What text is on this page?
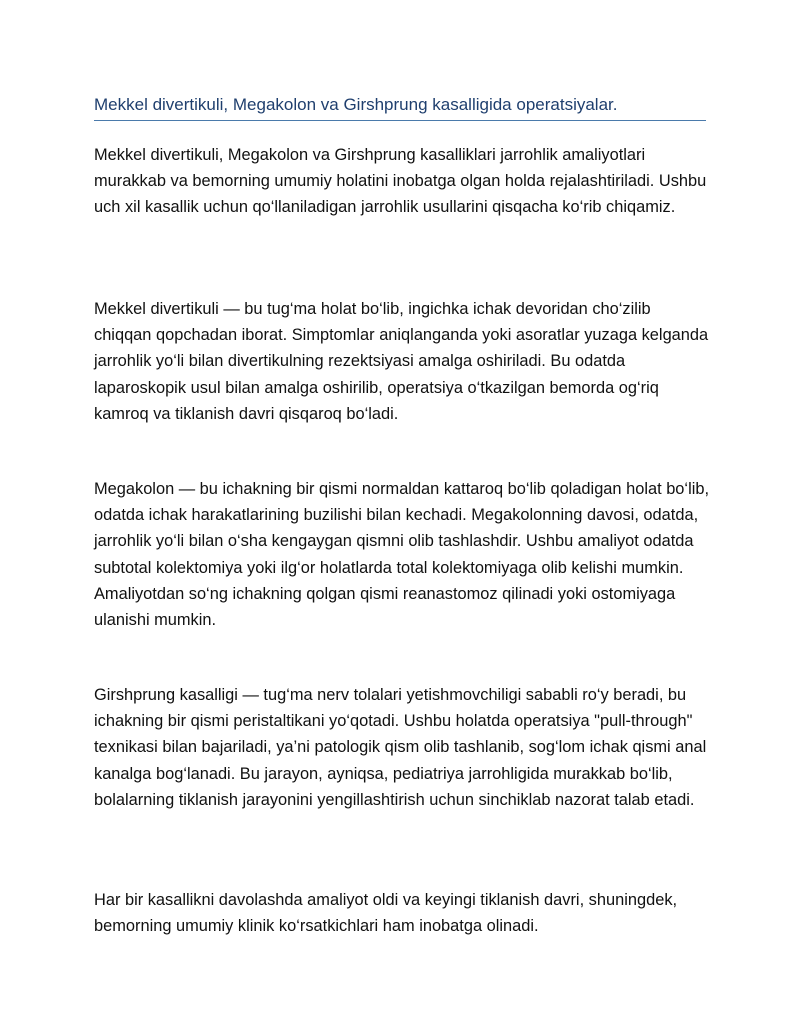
Mekkel divertikuli, Megakolon va Girshprung kasalligida operatsiyalar.

Mekkel divertikuli, Megakolon va Girshprung kasalliklari jarrohlik amaliyotlari murakkab va bemorning umumiy holatini inobatga olgan holda rejalashtiriladi. Ushbu uch xil kasallik uchun qo‘llaniladigan jarrohlik usullarini qisqacha ko‘rib chiqamiz.

Mekkel divertikuli — bu tug‘ma holat bo‘lib, ingichka ichak devoridan cho‘zilib chiqqan qopchadan iborat. Simptomlar aniqlanganda yoki asoratlar yuzaga kelganda jarrohlik yo‘li bilan divertikulning rezektsiyasi amalga oshiriladi. Bu odatda laparoskopik usul bilan amalga oshirilib, operatsiya o‘tkazilgan bemorda og‘riq kamroq va tiklanish davri qisqaroq bo‘ladi.

Megakolon — bu ichakning bir qismi normaldan kattaroq bo‘lib qoladigan holat bo‘lib, odatda ichak harakatlarining buzilishi bilan kechadi. Megakolonning davosi, odatda, jarrohlik yo‘li bilan o‘sha kengaygan qismni olib tashlashdir. Ushbu amaliyot odatda subtotal kolektomiya yoki ilg‘or holatlarda total kolektomiyaga olib kelishi mumkin. Amaliyotdan so‘ng ichakning qolgan qismi reanastomoz qilinadi yoki ostomiyaga ulanishi mumkin.

Girshprung kasalligi — tug‘ma nerv tolalari yetishmovchiligi sababli ro‘y beradi, bu ichakning bir qismi peristaltikani yo‘qotadi. Ushbu holatda operatsiya "pull-through" texnikasi bilan bajariladi, ya’ni patologik qism olib tashlanib, sog‘lom ichak qismi anal kanalga bog‘lanadi. Bu jarayon, ayniqsa, pediatriya jarrohligida murakkab bo‘lib, bolalarning tiklanish jarayonini yengillashtirish uchun sinchiklab nazorat talab etadi.

Har bir kasallikni davolashda amaliyot oldi va keyingi tiklanish davri, shuningdek, bemorning umumiy klinik ko‘rsatkichlari ham inobatga olinadi.
